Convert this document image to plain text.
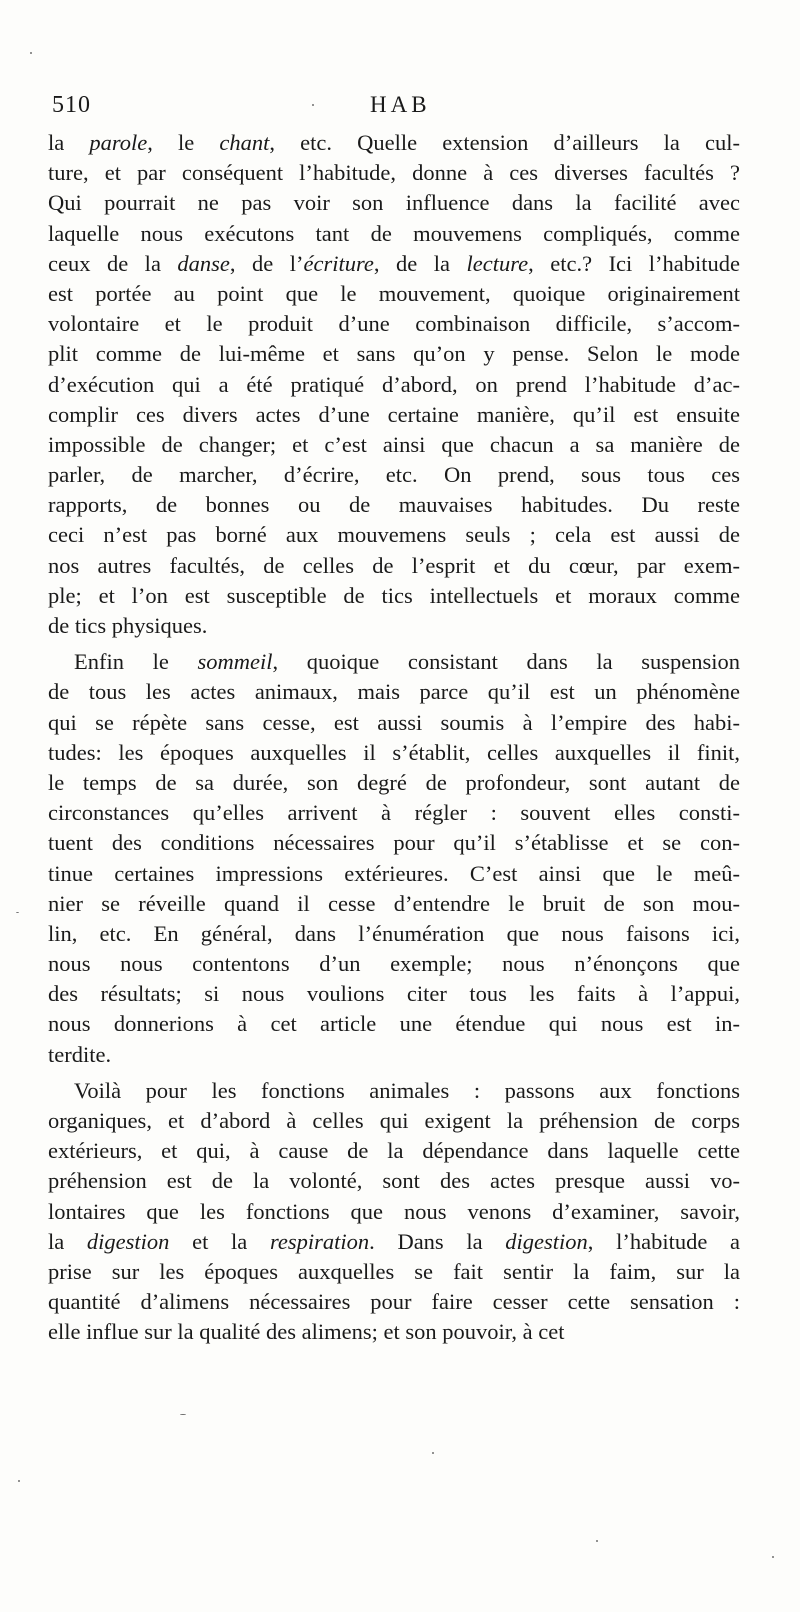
510	HAB
la parole, le chant, etc. Quelle extension d’ailleurs la cul-
ture, et par conséquent l’habitude, donne à ces diverses facultés ?
Qui pourrait ne pas voir son influence dans la facilité avec
laquelle nous exécutons tant de mouvemens compliqués, comme
ceux de la danse, de l’écriture, de la lecture, etc.? Ici l’habitude
est portée au point que le mouvement, quoique originairement
volontaire et le produit d’une combinaison difficile, s’accom-
plit comme de lui-même et sans qu’on y pense. Selon le mode
d’exécution qui a été pratiqué d’abord, on prend l’habitude d’ac-
complir ces divers actes d’une certaine manière, qu’il est ensuite
impossible de changer; et c’est ainsi que chacun a sa manière de
parler, de marcher, d’écrire, etc. On prend, sous tous ces
rapports, de bonnes ou de mauvaises habitudes. Du reste
ceci n’est pas borné aux mouvemens seuls ; cela est aussi de
nos autres facultés, de celles de l’esprit et du cœur, par exem-
ple; et l’on est susceptible de tics intellectuels et moraux comme
de tics physiques.
Enfin le sommeil, quoique consistant dans la suspension
de tous les actes animaux, mais parce qu’il est un phénomène
qui se répète sans cesse, est aussi soumis à l’empire des habi-
tudes: les époques auxquelles il s’établit, celles auxquelles il finit,
le temps de sa durée, son degré de profondeur, sont autant de
circonstances qu’elles arrivent à régler : souvent elles consti-
tuent des conditions nécessaires pour qu’il s’établisse et se con-
tinue certaines impressions extérieures. C’est ainsi que le meû-
nier se réveille quand il cesse d’entendre le bruit de son mou-
lin, etc. En général, dans l’énumération que nous faisons ici,
nous nous contentons d’un exemple; nous n’énonçons que
des résultats; si nous voulions citer tous les faits à l’appui,
nous donnerions à cet article une étendue qui nous est in-
terdite.
Voilà pour les fonctions animales : passons aux fonctions
organiques, et d’abord à celles qui exigent la préhension de corps
extérieurs, et qui, à cause de la dépendance dans laquelle cette
préhension est de la volonté, sont des actes presque aussi vo-
lontaires que les fonctions que nous venons d’examiner, savoir,
la digestion et la respiration. Dans la digestion, l’habitude a
prise sur les époques auxquelles se fait sentir la faim, sur la
quantité d’alimens nécessaires pour faire cesser cette sensation :
elle influe sur la qualité des alimens; et son pouvoir, à cet
